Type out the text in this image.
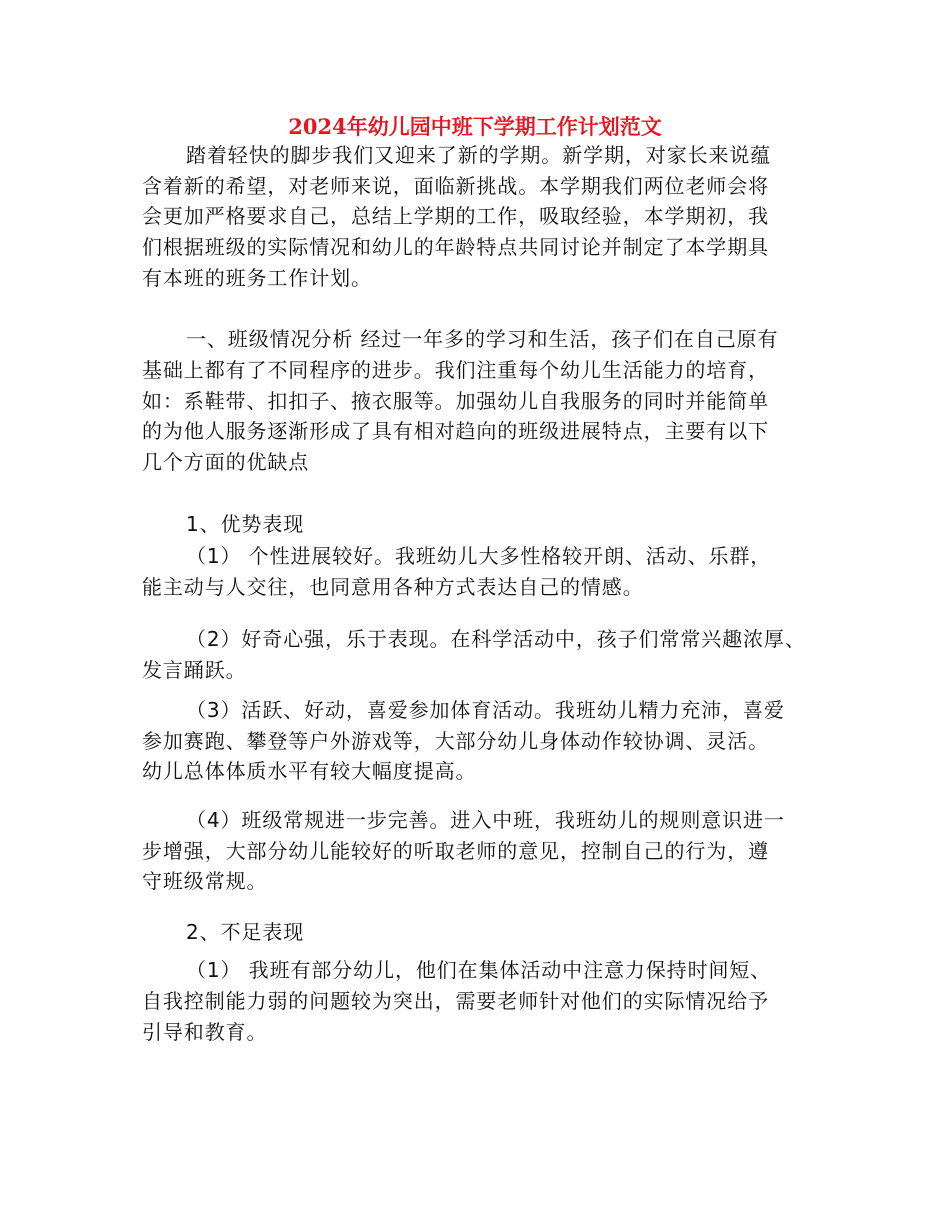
2024年幼儿园中班下学期工作计划范文

踏着轻快的脚步我们又迎来了新的学期。新学期，对家长来说蕴

含着新的希望，对老师来说，面临新挑战。本学期我们两位老师会将

会更加严格要求自己，总结上学期的工作，吸取经验，本学期初，我

们根据班级的实际情况和幼儿的年龄特点共同讨论并制定了本学期具

有本班的班务工作计划。

一、班级情况分析 经过一年多的学习和生活，孩子们在自己原有

基础上都有了不同程序的进步。我们注重每个幼儿生活能力的培育，

如：系鞋带、扣扣子、掖衣服等。加强幼儿自我服务的同时并能简单

的为他人服务逐渐形成了具有相对趋向的班级进展特点，主要有以下

几个方面的优缺点

1、优势表现

（1） 个性进展较好。我班幼儿大多性格较开朗、活动、乐群，

能主动与人交往，也同意用各种方式表达自己的情感。

（2）好奇心强，乐于表现。在科学活动中，孩子们常常兴趣浓厚、

发言踊跃。

（3）活跃、好动，喜爱参加体育活动。我班幼儿精力充沛，喜爱

参加赛跑、攀登等户外游戏等，大部分幼儿身体动作较协调、灵活。

幼儿总体体质水平有较大幅度提高。

（4）班级常规进一步完善。进入中班，我班幼儿的规则意识进一

步增强，大部分幼儿能较好的听取老师的意见，控制自己的行为，遵

守班级常规。

2、不足表现

（1） 我班有部分幼儿，他们在集体活动中注意力保持时间短、

自我控制能力弱的问题较为突出，需要老师针对他们的实际情况给予

引导和教育。
